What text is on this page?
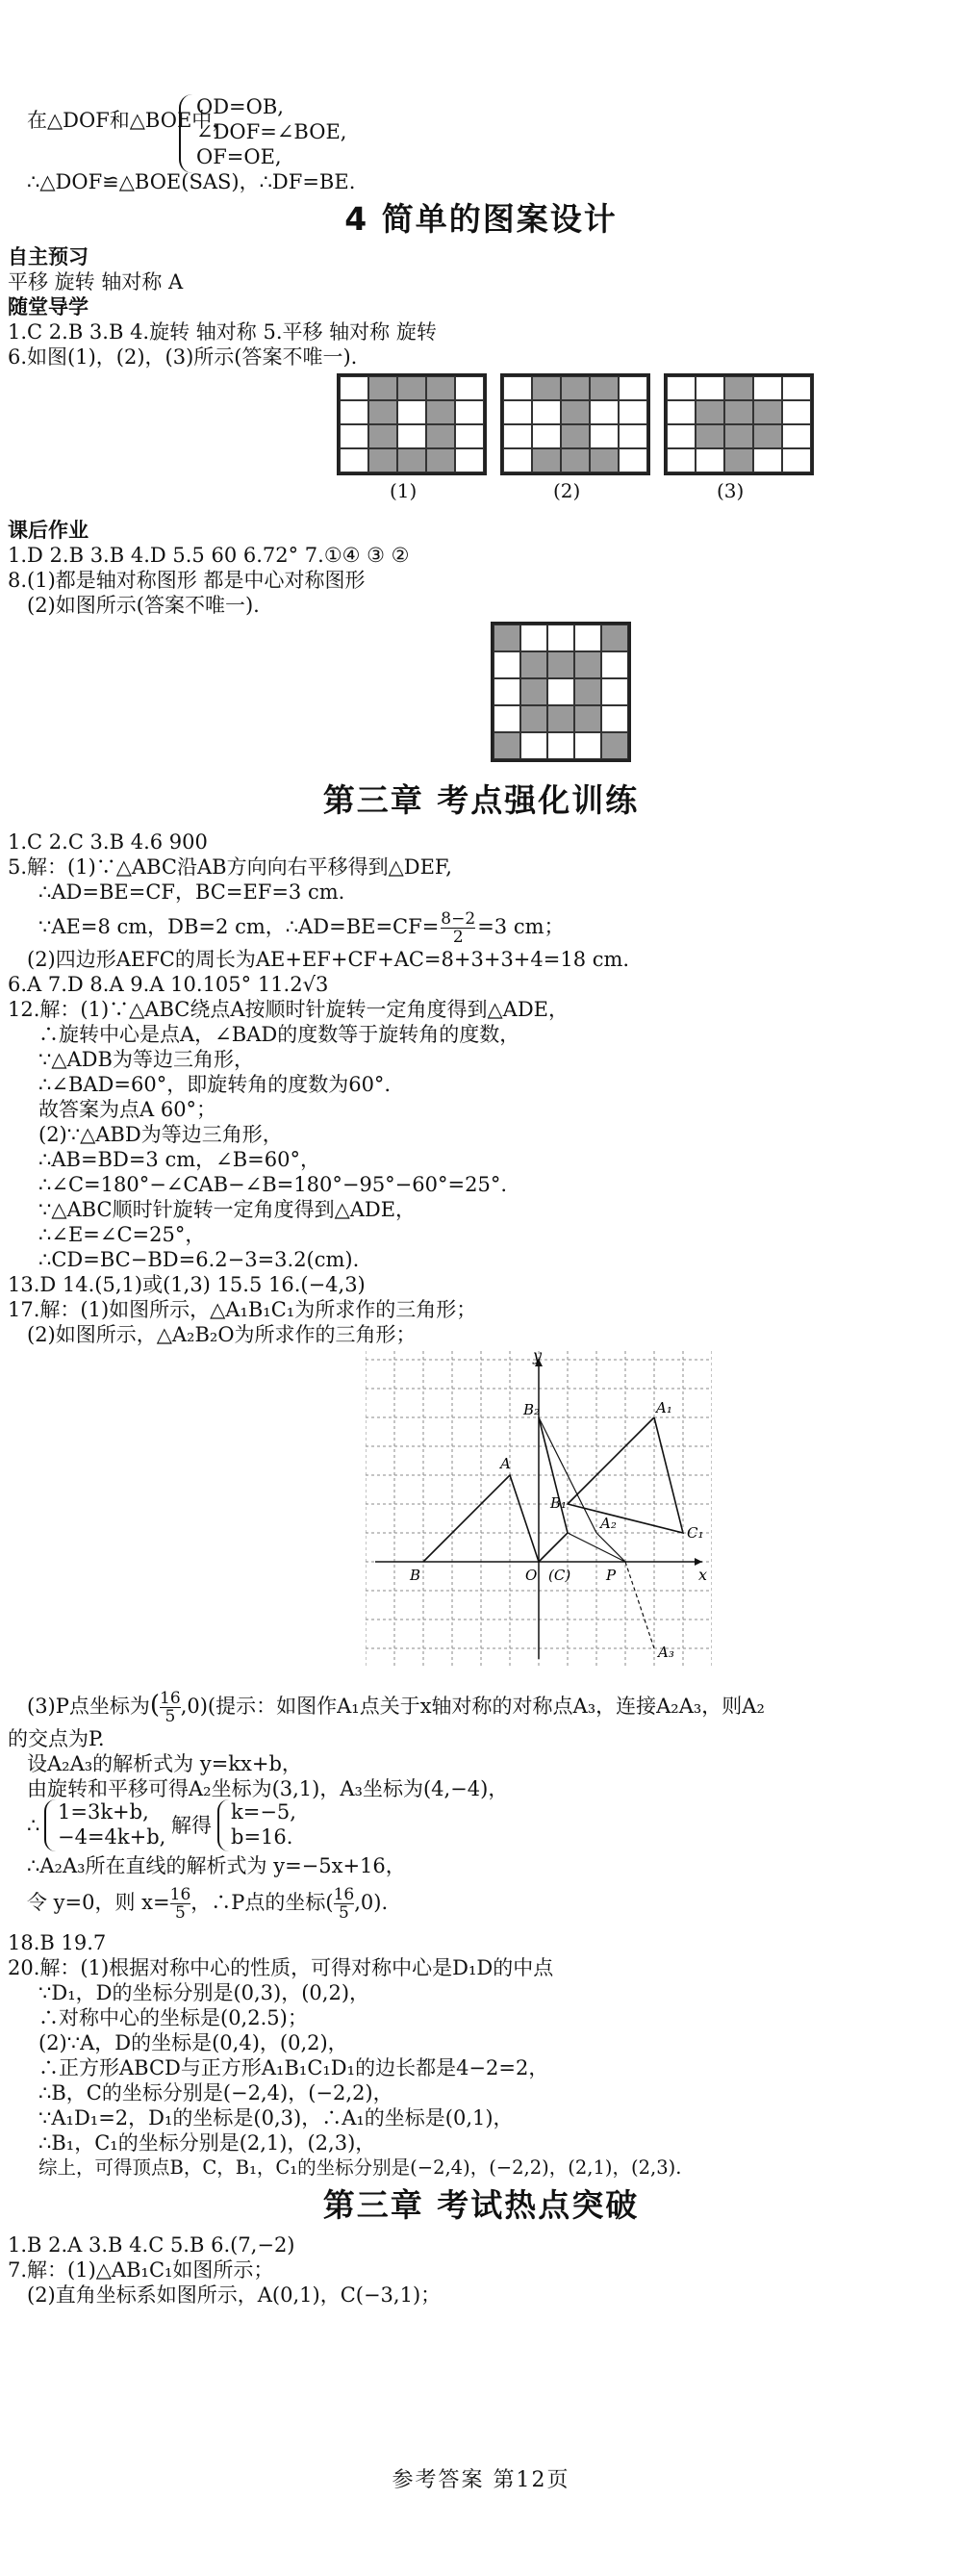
在△DOF和△BOE中，
OD=OB,
∠DOF=∠BOE,
OF=OE,
∴△DOF≌△BOE(SAS)，∴DF=BE.
4 简单的图案设计
自主预习
平移 旋转 轴对称 A
随堂导学
1.C 2.B 3.B 4.旋转 轴对称 5.平移 轴对称 旋转
6.如图(1)，(2)，(3)所示(答案不唯一).
(1)	(2)	(3)
课后作业
1.D 2.B 3.B 4.D 5.5 60 6.72° 7.①④ ③ ②
8.(1)都是轴对称图形 都是中心对称图形
(2)如图所示(答案不唯一).
第三章 考点强化训练
1.C 2.C 3.B 4.6 900
5.解：(1)∵△ABC沿AB方向向右平移得到△DEF,
∴AD=BE=CF，BC=EF=3 cm.
∵AE=8 cm，DB=2 cm，∴AD=BE=CF= $\frac{8-2}{2} =3$ cm；
(2)四边形AEFC的周长为AE+EF+CF+AC=8+3+3+4=18 cm.
6.A 7.D 8.A 9.A 10.105° 11.2√3
12.解：(1)∵△ABC绕点A按顺时针旋转一定角度得到△ADE，
∴旋转中心是点A，∠BAD的度数等于旋转角的度数，
∵△ADB为等边三角形，
∴∠BAD=60°，即旋转角的度数为60°.
故答案为点A 60°；
(2)∵△ABD为等边三角形，
∴AB=BD=3 cm，∠B=60°，
∴∠C=180°−∠CAB−∠B=180°−95°−60°=25°.
∵△ABC顺时针旋转一定角度得到△ADE，
∴∠E=∠C=25°，
∴CD=BC−BD=6.2−3=3.2(cm).
13.D 14.(5,1)或(1,3) 15.5 16.(−4,3)
17.解：(1)如图所示，△A₁B₁C₁为所求作的三角形；
(2)如图所示，△A₂B₂O为所求作的三角形；
y
x
O (C)
B
A
P
B₂	A₁
B₁
C₁
A₂
A₃
(3)P点坐标为( $\frac{16}{5} ,0$)(提示：如图作A₁点关于x轴对称的对称点A₃，连接A₂A₃，则A₂
的交点为P.
设A₂A₃的解析式为 y=kx+b，
由旋转和平移可得A₂坐标为(3,1)，A₃坐标为(4,−4)，
∴
1=3k+b,
−4=4k+b, 解得
k=−5,
b=16.
∴A₂A₃所在直线的解析式为 y=−5x+16，
令 y=0，则 $x= \frac{16}{5}$ ，∴P点的坐标( $\frac{16}{5} ,0$).
18.B 19.7
20.解：(1)根据对称中心的性质，可得对称中心是D₁D的中点
∵D₁，D的坐标分别是(0,3)，(0,2)，
∴对称中心的坐标是(0,2.5)；
(2)∵A，D的坐标是(0,4)，(0,2)，
∴正方形ABCD与正方形A₁B₁C₁D₁的边长都是4−2=2，
∴B，C的坐标分别是(−2,4)，(−2,2)，
∵A₁D₁=2，D₁的坐标是(0,3)，∴A₁的坐标是(0,1)，
∴B₁，C₁的坐标分别是(2,1)，(2,3)，
综上，可得顶点B，C，B₁，C₁的坐标分别是(−2,4)，(−2,2)，(2,1)，(2,3).
第三章 考试热点突破
1.B 2.A 3.B 4.C 5.B 6.(7,−2)
7.解：(1)△AB₁C₁如图所示；
(2)直角坐标系如图所示，A(0,1)，C(−3,1)；
参考答案 第12页
